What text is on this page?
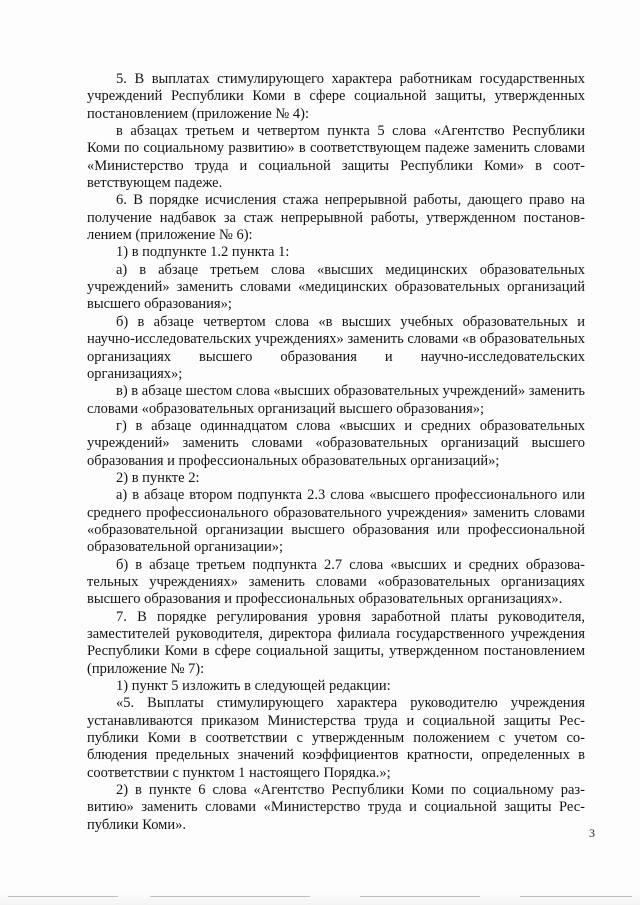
5. В выплатах стимулирующего характера работникам государственных учреждений Республики Коми в сфере социальной защиты, утвержденных постановлением (приложение № 4):

в абзацах третьем и четвертом пункта 5 слова «Агентство Республики Коми по социальному развитию» в соответствующем падеже заменить словами «Министерство труда и социальной защиты Республики Коми» в соответствующем падеже.

6. В порядке исчисления стажа непрерывной работы, дающего право на получение надбавок за стаж непрерывной работы, утвержденном постановлением (приложение № 6):

1) в подпункте 1.2 пункта 1:

а) в абзаце третьем слова «высших медицинских образовательных учреждений» заменить словами «медицинских образовательных организаций высшего образования»;

б) в абзаце четвертом слова «в высших учебных образовательных и научно-исследовательских учреждениях» заменить словами «в образовательных организациях высшего образования и научно-исследовательских организациях»;

в) в абзаце шестом слова «высших образовательных учреждений» заменить словами «образовательных организаций высшего образования»;

г) в абзаце одиннадцатом слова «высших и средних образовательных учреждений» заменить словами «образовательных организаций высшего образования и профессиональных образовательных организаций»;

2) в пункте 2:

а) в абзаце втором подпункта 2.3 слова «высшего профессионального или среднего профессионального образовательного учреждения» заменить словами «образовательной организации высшего образования или профессиональной образовательной организации»;

б) в абзаце третьем подпункта 2.7 слова «высших и средних образовательных учреждениях» заменить словами «образовательных организациях высшего образования и профессиональных образовательных организациях».

7. В порядке регулирования уровня заработной платы руководителя, заместителей руководителя, директора филиала государственного учреждения Республики Коми в сфере социальной защиты, утвержденном постановлением (приложение № 7):

1) пункт 5 изложить в следующей редакции:

«5. Выплаты стимулирующего характера руководителю учреждения устанавливаются приказом Министерства труда и социальной защиты Республики Коми в соответствии с утвержденным положением с учетом соблюдения предельных значений коэффициентов кратности, определенных в соответствии с пунктом 1 настоящего Порядка.»;

2) в пункте 6 слова «Агентство Республики Коми по социальному развитию» заменить словами «Министерство труда и социальной защиты Республики Коми».

3
